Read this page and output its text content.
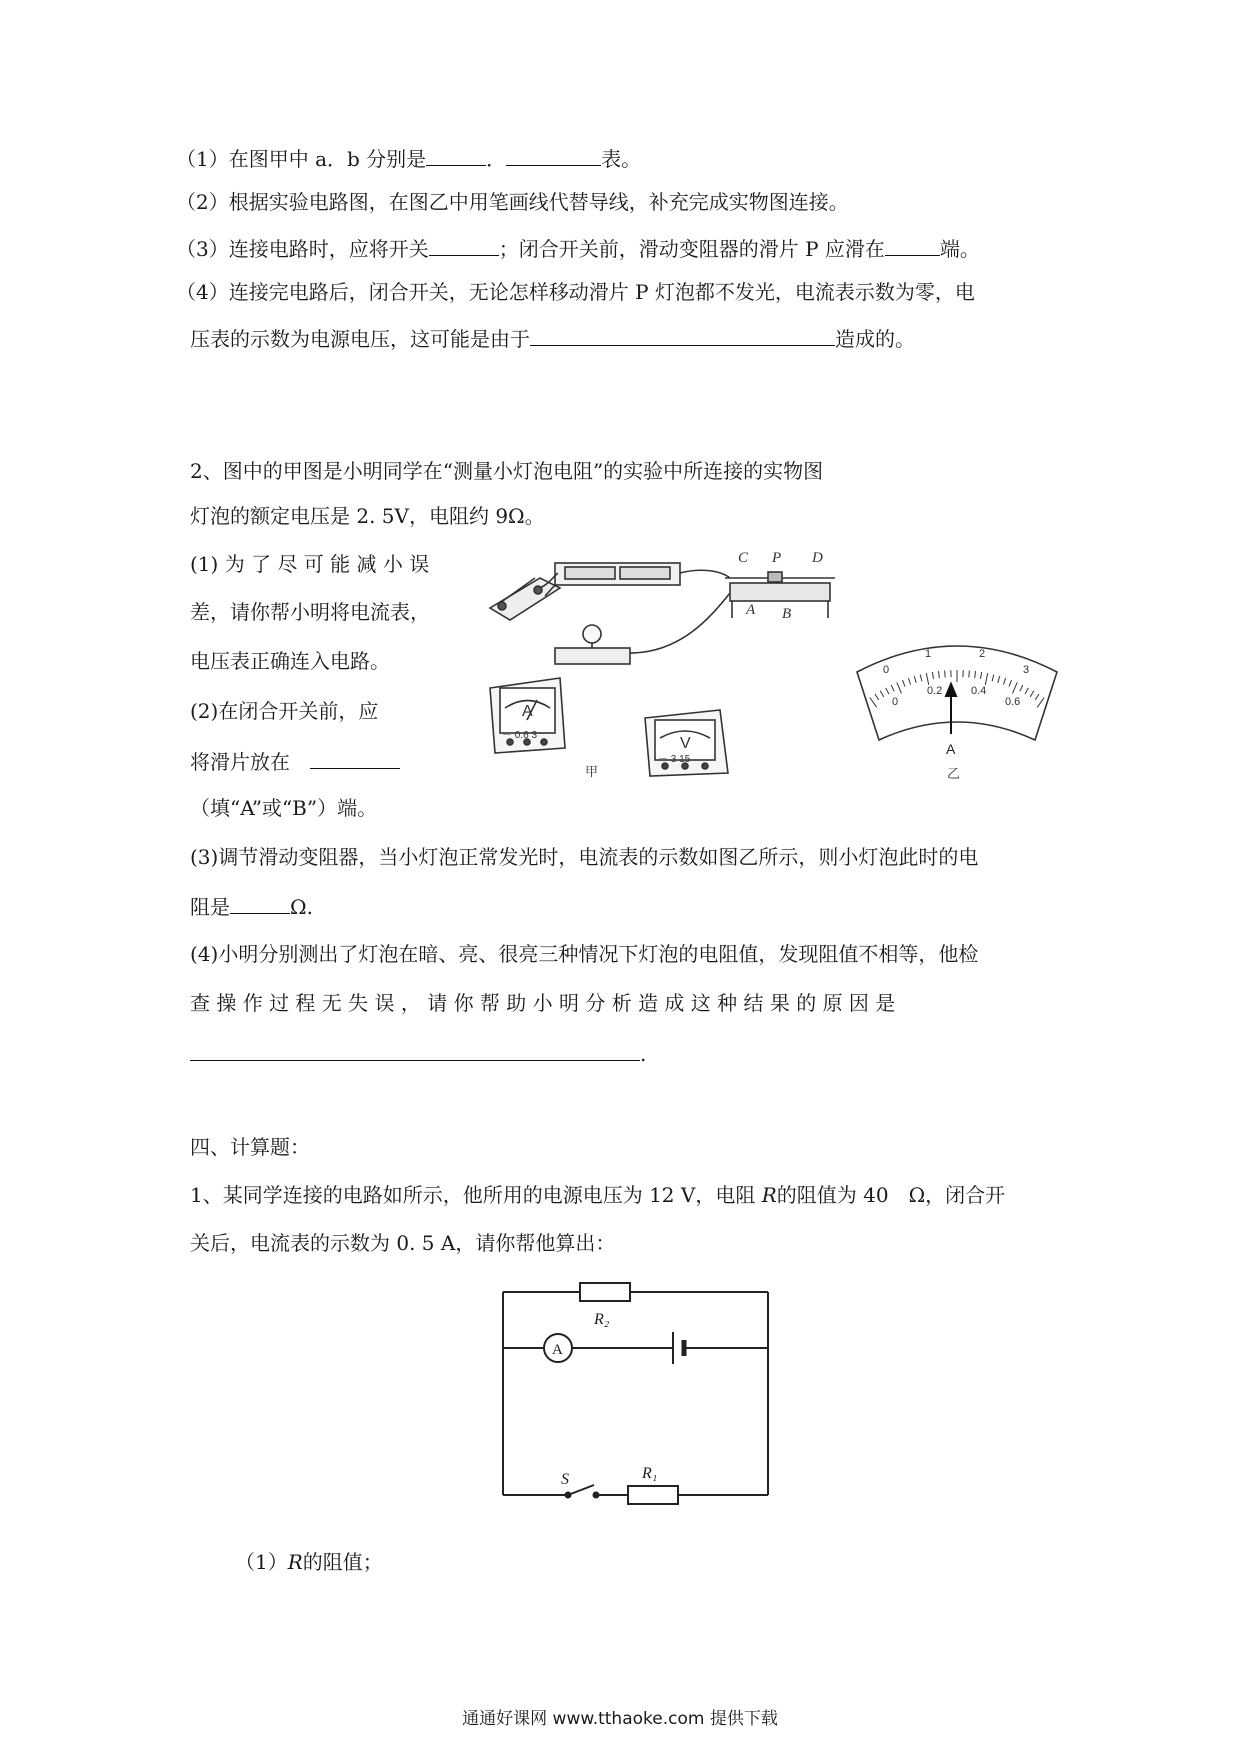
（1）在图甲中 a．b 分别是	．	表。
（2）根据实验电路图，在图乙中用笔画线代替导线，补充完成实物图连接。
（3）连接电路时，应将开关	；闭合开关前，滑动变阻器的滑片 P 应滑在	端。
（4）连接完电路后，闭合开关，无论怎样移动滑片 P 灯泡都不发光，电流表示数为零，电
压表的示数为电源电压，这可能是由于	造成的。
2、图中的甲图是小明同学在“测量小灯泡电阻”的实验中所连接的实物图
灯泡的额定电压是 2. 5V，电阻约 9Ω。
(1) 为 了 尽 可 能 减 小 误
差，请你帮小明将电流表，
电压表正确连入电路。
(2)在闭合开关前，应
将滑片放在　
（填“A”或“B”）端。
(3)调节滑动变阻器，当小灯泡正常发光时，电流表的示数如图乙所示，则小灯泡此时的电
阻是	Ω.
(4)小明分别测出了灯泡在暗、亮、很亮三种情况下灯泡的电阻值，发现阻值不相等，他检
查 操 作 过 程 无 失 误 ， 请 你 帮 助 小 明 分 析 造 成 这 种 结 果 的 原 因 是
.
C P D
A B
A
－ 0.6 3	V
－ 3 15
甲
0
1	2
3
0
0.2	0.4
0.6
A
乙
四、计算题：
1、某同学连接的电路如所示，他所用的电源电压为 12 V，电阻 R的阻值为 40　Ω，闭合开
关后，电流表的示数为 0. 5 A，请你帮他算出：
R₂
A
R₁
S
（1）R的阻值；
通通好课网 www.tthaoke.com 提供下载
